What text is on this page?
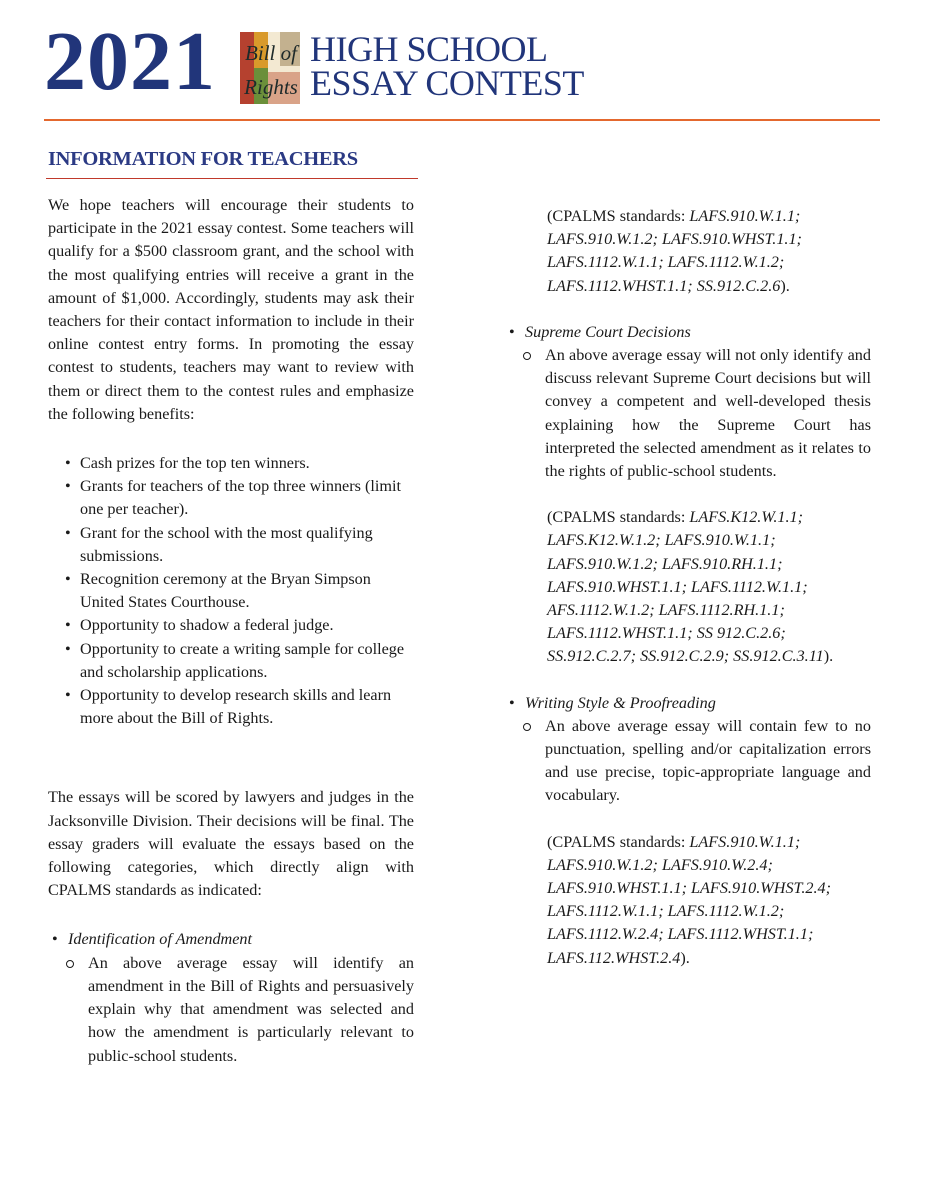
2021 Bill of
Rights
HIGH SCHOOL
ESSAY CONTEST
INFORMATION FOR TEACHERS

We hope teachers will encourage their students to participate in the 2021 essay contest. Some teachers will qualify for a $500 classroom grant, and the school with the most qualifying entries will receive a grant in the amount of $1,000. Accordingly, students may ask their teachers for their contact information to include in their online contest entry forms. In promoting the essay contest to students, teachers may want to review with them or direct them to the contest rules and emphasize the following benefits:

• Cash prizes for the top ten winners.
• Grants for teachers of the top three winners (limit one per teacher).
• Grant for the school with the most qualifying submissions.
• Recognition ceremony at the Bryan Simpson United States Courthouse.
• Opportunity to shadow a federal judge.
• Opportunity to create a writing sample for college and scholarship applications.
• Opportunity to develop research skills and learn more about the Bill of Rights.

The essays will be scored by lawyers and judges in the Jacksonville Division. Their decisions will be final. The essay graders will evaluate the essays based on the following categories, which directly align with CPALMS standards as indicated:

• Identification of Amendment
An above average essay will identify an amendment in the Bill of Rights and persuasively explain why that amendment was selected and how the amendment is particularly relevant to public-school students.
(CPALMS standards: LAFS.910.W.1.1; LAFS.910.W.1.2; LAFS.910.WHST.1.1; LAFS.1112.W.1.1; LAFS.1112.W.1.2; LAFS.1112.WHST.1.1; SS.912.C.2.6).
• Supreme Court Decisions
An above average essay will not only identify and discuss relevant Supreme Court decisions but will convey a competent and well-developed thesis explaining how the Supreme Court has interpreted the selected amendment as it relates to the rights of public-school students.
(CPALMS standards: LAFS.K12.W.1.1; LAFS.K12.W.1.2; LAFS.910.W.1.1; LAFS.910.W.1.2; LAFS.910.RH.1.1; LAFS.910.WHST.1.1; LAFS.1112.W.1.1; AFS.1112.W.1.2; LAFS.1112.RH.1.1; LAFS.1112.WHST.1.1; SS 912.C.2.6; SS.912.C.2.7; SS.912.C.2.9; SS.912.C.3.11).
• Writing Style & Proofreading
An above average essay will contain few to no punctuation, spelling and/or capitalization errors and use precise, topic-appropriate language and vocabulary.
(CPALMS standards: LAFS.910.W.1.1; LAFS.910.W.1.2; LAFS.910.W.2.4; LAFS.910.WHST.1.1; LAFS.910.WHST.2.4; LAFS.1112.W.1.1; LAFS.1112.W.1.2; LAFS.1112.W.2.4; LAFS.1112.WHST.1.1; LAFS.112.WHST.2.4).
